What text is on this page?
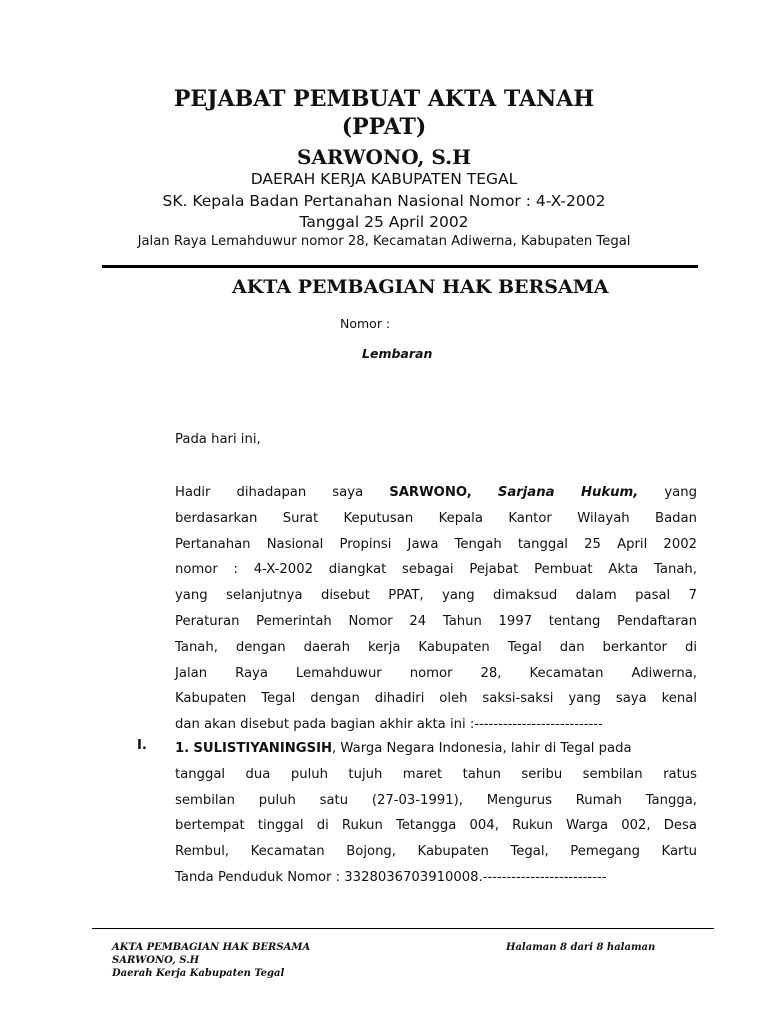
PEJABAT PEMBUAT AKTA TANAH
(PPAT)
SARWONO, S.H
DAERAH KERJA KABUPATEN TEGAL
SK. Kepala Badan Pertanahan Nasional Nomor : 4-X-2002
Tanggal 25 April 2002
Jalan Raya Lemahduwur nomor 28, Kecamatan Adiwerna, Kabupaten Tegal
AKTA PEMBAGIAN HAK BERSAMA
Nomor :
Lembaran
Pada hari ini,
Hadir dihadapan saya SARWONO, Sarjana Hukum, yang
berdasarkan Surat Keputusan Kepala Kantor Wilayah Badan
Pertanahan Nasional Propinsi Jawa Tengah tanggal 25 April 2002
nomor : 4-X-2002 diangkat sebagai Pejabat Pembuat Akta Tanah,
yang selanjutnya disebut PPAT, yang dimaksud dalam pasal 7
Peraturan Pemerintah Nomor 24 Tahun 1997 tentang Pendaftaran
Tanah, dengan daerah kerja Kabupaten Tegal dan berkantor di
Jalan Raya Lemahduwur nomor 28, Kecamatan Adiwerna,
Kabupaten Tegal dengan dihadiri oleh saksi-saksi yang saya kenal
dan akan disebut pada bagian akhir akta ini :---------------------------
I. 1. SULISTIYANINGSIH, Warga Negara Indonesia, lahir di Tegal pada
tanggal dua puluh tujuh maret tahun seribu sembilan ratus
sembilan puluh satu (27-03-1991), Mengurus Rumah Tangga,
bertempat tinggal di Rukun Tetangga 004, Rukun Warga 002, Desa
Rembul, Kecamatan Bojong, Kabupaten Tegal, Pemegang Kartu
Tanda Penduduk Nomor : 3328036703910008.--------------------------
AKTA PEMBAGIAN HAK BERSAMA
SARWONO, S.H
Daerah Kerja Kabupaten Tegal
Halaman 8 dari 8 halaman
